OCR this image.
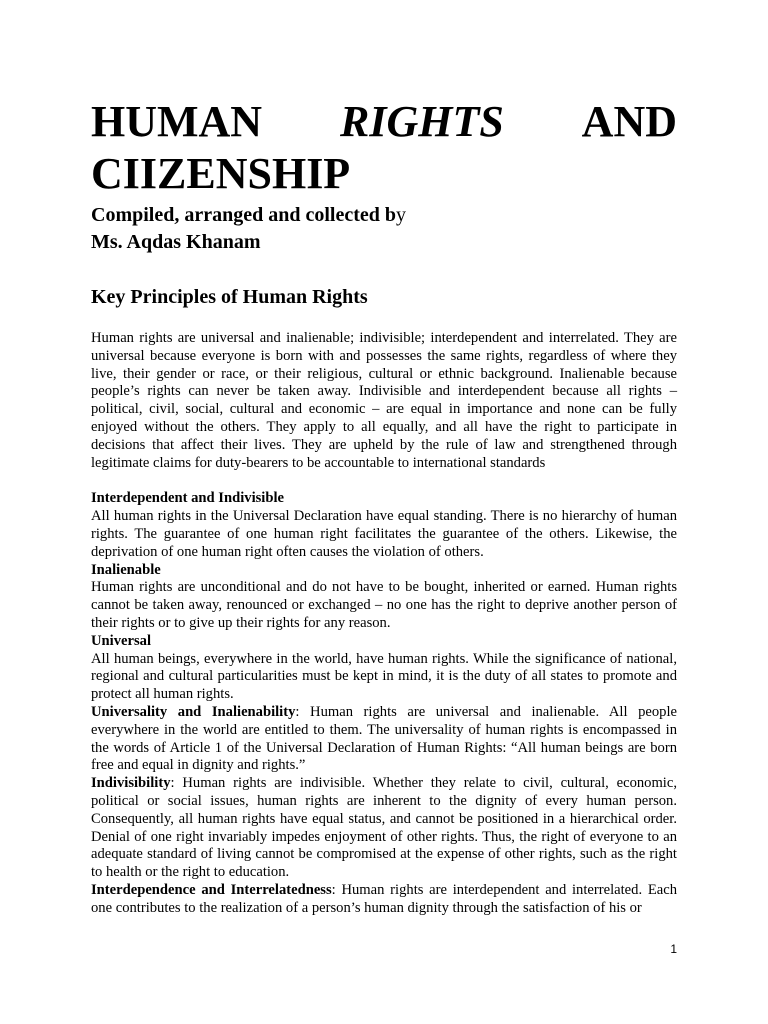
HUMAN RIGHTS AND
CIIZENSHIP
Compiled, arranged and collected by
Ms. Aqdas Khanam
Key Principles of Human Rights

Human rights are universal and inalienable; indivisible; interdependent and interrelated. They are universal because everyone is born with and possesses the same rights, regardless of where they live, their gender or race, or their religious, cultural or ethnic background. Inalienable because people’s rights can never be taken away. Indivisible and interdependent because all rights – political, civil, social, cultural and economic – are equal in importance and none can be fully enjoyed without the others. They apply to all equally, and all have the right to participate in decisions that affect their lives. They are upheld by the rule of law and strengthened through legitimate claims for duty-bearers to be accountable to international standards

Interdependent and Indivisible

All human rights in the Universal Declaration have equal standing. There is no hierarchy of human rights. The guarantee of one human right facilitates the guarantee of the others. Likewise, the deprivation of one human right often causes the violation of others.

Inalienable

Human rights are unconditional and do not have to be bought, inherited or earned. Human rights cannot be taken away, renounced or exchanged – no one has the right to deprive another person of their rights or to give up their rights for any reason.

Universal

All human beings, everywhere in the world, have human rights. While the significance of national, regional and cultural particularities must be kept in mind, it is the duty of all states to promote and protect all human rights.

Universality and Inalienability: Human rights are universal and inalienable. All people everywhere in the world are entitled to them. The universality of human rights is encompassed in the words of Article 1 of the Universal Declaration of Human Rights: “All human beings are born free and equal in dignity and rights.”

Indivisibility: Human rights are indivisible. Whether they relate to civil, cultural, economic, political or social issues, human rights are inherent to the dignity of every human person. Consequently, all human rights have equal status, and cannot be positioned in a hierarchical order. Denial of one right invariably impedes enjoyment of other rights. Thus, the right of everyone to an adequate standard of living cannot be compromised at the expense of other rights, such as the right to health or the right to education.

Interdependence and Interrelatedness: Human rights are interdependent and interrelated. Each one contributes to the realization of a person’s human dignity through the satisfaction of his or

1
